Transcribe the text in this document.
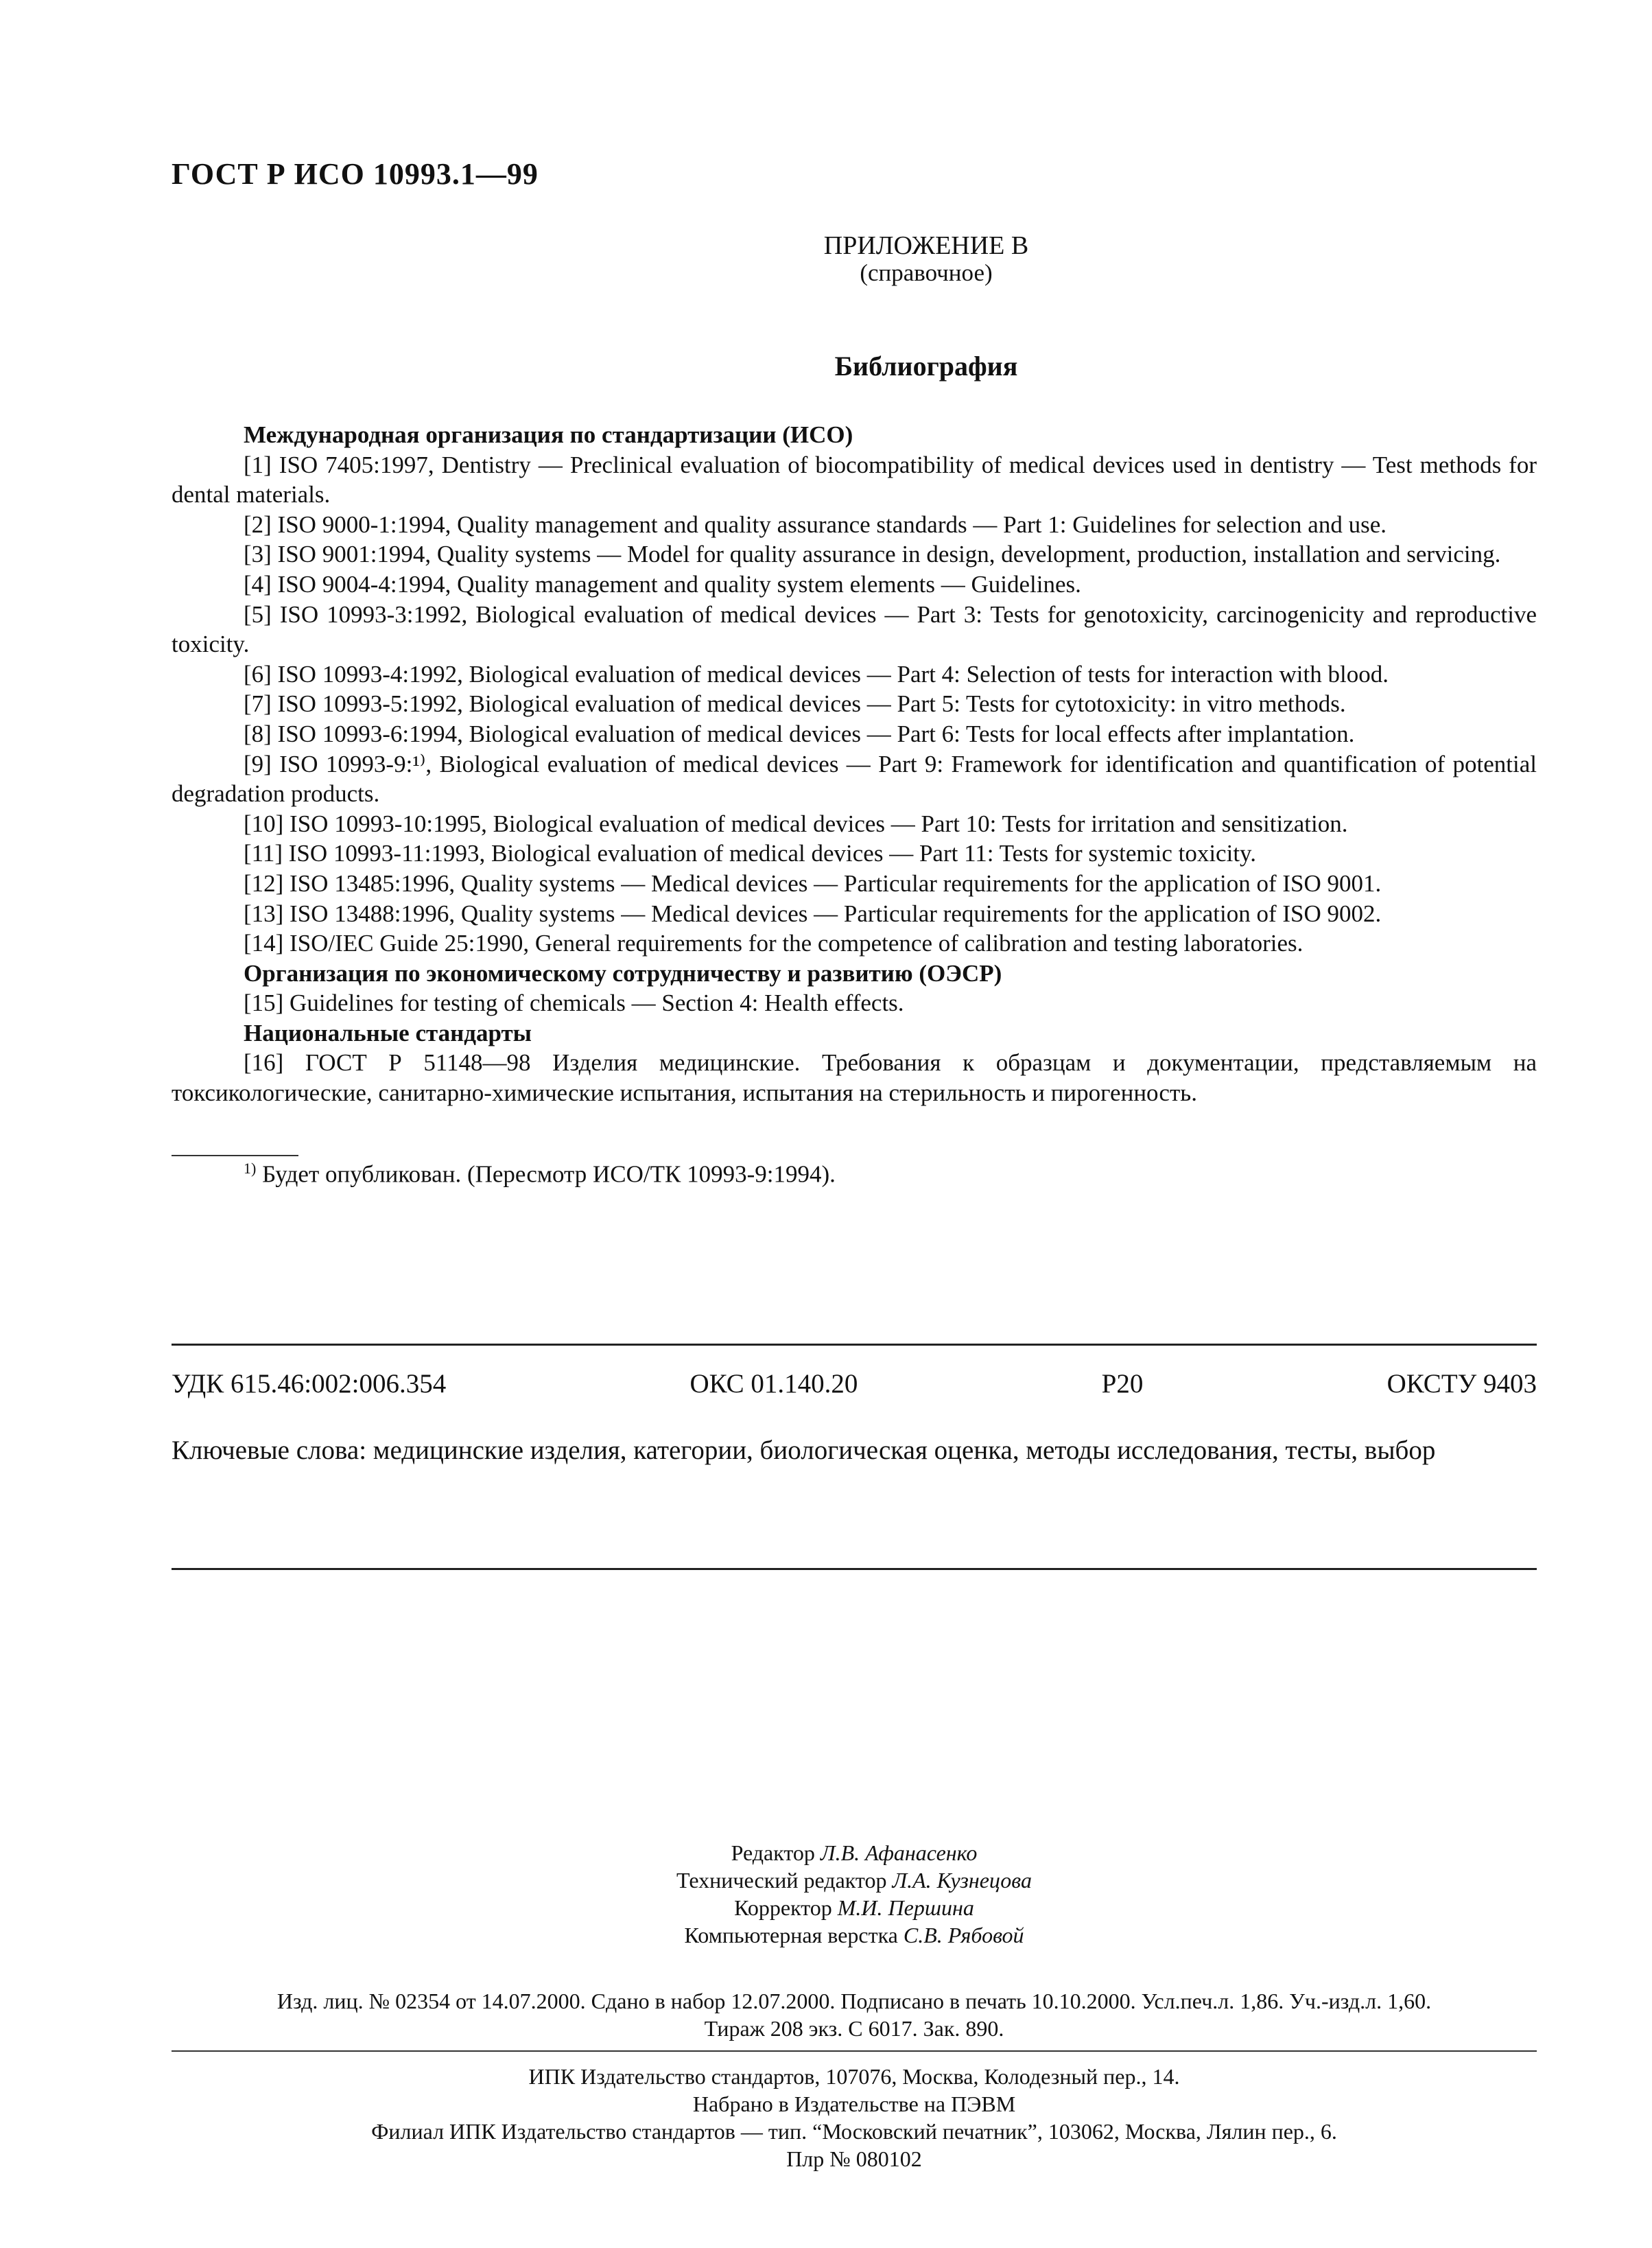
ГОСТ Р ИСО 10993.1—99
ПРИЛОЖЕНИЕ В
(справочное)
Библиография

Международная организация по стандартизации (ИСО)

[1] ISO 7405:1997, Dentistry — Preclinical evaluation of biocompatibility of medical devices used in dentistry — Test methods for dental materials.

[2] ISO 9000-1:1994, Quality management and quality assurance standards — Part 1: Guidelines for selection and use.

[3] ISO 9001:1994, Quality systems — Model for quality assurance in design, development, production, installation and servicing.

[4] ISO 9004-4:1994, Quality management and quality system elements — Guidelines.

[5] ISO 10993-3:1992, Biological evaluation of medical devices — Part 3: Tests for genotoxicity, carcinogenicity and reproductive toxicity.

[6] ISO 10993-4:1992, Biological evaluation of medical devices — Part 4: Selection of tests for interaction with blood.

[7] ISO 10993-5:1992, Biological evaluation of medical devices — Part 5: Tests for cytotoxicity: in vitro methods.

[8] ISO 10993-6:1994, Biological evaluation of medical devices — Part 6: Tests for local effects after implantation.

[9] ISO 10993-9:¹⁾, Biological evaluation of medical devices — Part 9: Framework for identification and quantification of potential degradation products.

[10] ISO 10993-10:1995, Biological evaluation of medical devices — Part 10: Tests for irritation and sensitization.

[11] ISO 10993-11:1993, Biological evaluation of medical devices — Part 11: Tests for systemic toxicity.

[12] ISO 13485:1996, Quality systems — Medical devices — Particular requirements for the application of ISO 9001.

[13] ISO 13488:1996, Quality systems — Medical devices — Particular requirements for the application of ISO 9002.

[14] ISO/IEC Guide 25:1990, General requirements for the competence of calibration and testing laboratories.

Организация по экономическому сотрудничеству и развитию (ОЭСР)

[15] Guidelines for testing of chemicals — Section 4: Health effects.

Национальные стандарты

[16] ГОСТ Р 51148—98 Изделия медицинские. Требования к образцам и документации, представляемым на токсикологические, санитарно-химические испытания, испытания на стерильность и пирогенность.

$^{1)}$ Будет опубликован. (Пересмотр ИСО/ТК 10993-9:1994).
УДК 615.46:002:006.354	ОКС 01.140.20	Р20	ОКСТУ 9403
Ключевые слова: медицинские изделия, категории, биологическая оценка, методы исследования, тесты, выбор
Редактор Л.В. Афанасенко
Технический редактор Л.А. Кузнецова
Корректор М.И. Першина
Компьютерная верстка С.В. Рябовой
Изд. лиц. № 02354 от 14.07.2000. Сдано в набор 12.07.2000. Подписано в печать 10.10.2000. Усл.печ.л. 1,86. Уч.-изд.л. 1,60.
Тираж 208 экз. С 6017. Зак. 890.
ИПК Издательство стандартов, 107076, Москва, Колодезный пер., 14.
Набрано в Издательстве на ПЭВМ
Филиал ИПК Издательство стандартов — тип. “Московский печатник”, 103062, Москва, Лялин пер., 6.
Плр № 080102
